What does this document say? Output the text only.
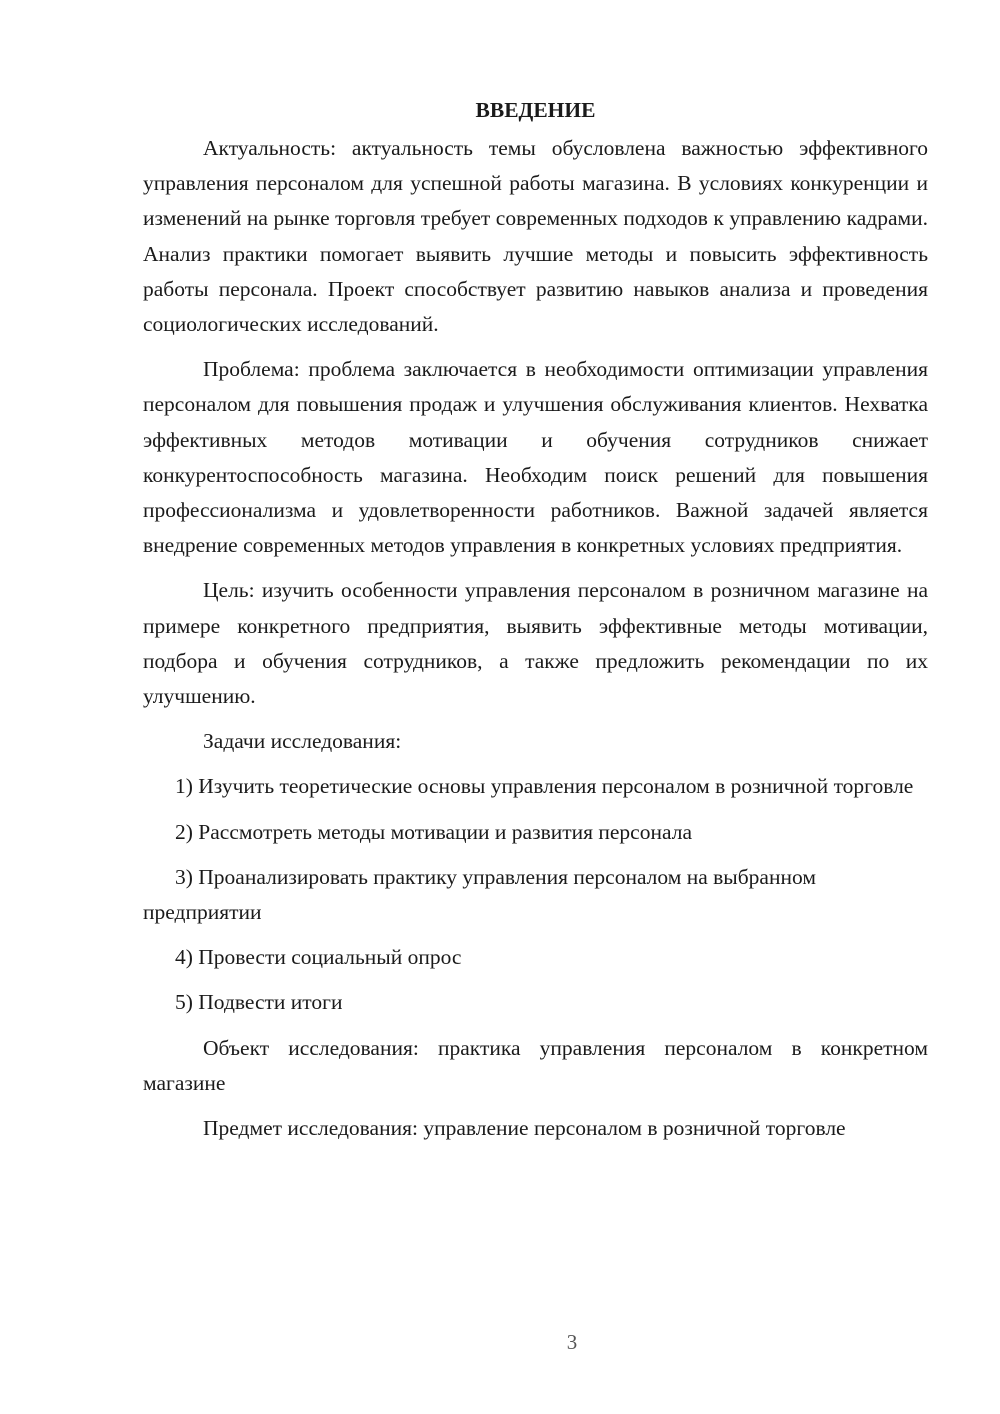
ВВЕДЕНИЕ

Актуальность: актуальность темы обусловлена важностью эффективного управления персоналом для успешной работы магазина. В условиях конкуренции и изменений на рынке торговля требует современных подходов к управлению кадрами. Анализ практики помогает выявить лучшие методы и повысить эффективность работы персонала. Проект способствует развитию навыков анализа и проведения социологических исследований.

Проблема: проблема заключается в необходимости оптимизации управления персоналом для повышения продаж и улучшения обслуживания клиентов. Нехватка эффективных методов мотивации и обучения сотрудников снижает конкурентоспособность магазина. Необходим поиск решений для повышения профессионализма и удовлетворенности работников. Важной задачей является внедрение современных методов управления в конкретных условиях предприятия.

Цель: изучить особенности управления персоналом в розничном магазине на примере конкретного предприятия, выявить эффективные методы мотивации, подбора и обучения сотрудников, а также предложить рекомендации по их улучшению.

Задачи исследования:

1) Изучить теоретические основы управления персоналом в розничной торговле

2) Рассмотреть методы мотивации и развития персонала

3) Проанализировать практику управления персоналом на выбранном предприятии

4) Провести социальный опрос

5) Подвести итоги

Объект исследования: практика управления персоналом в конкретном магазине

Предмет исследования: управление персоналом в розничной торговле

3
